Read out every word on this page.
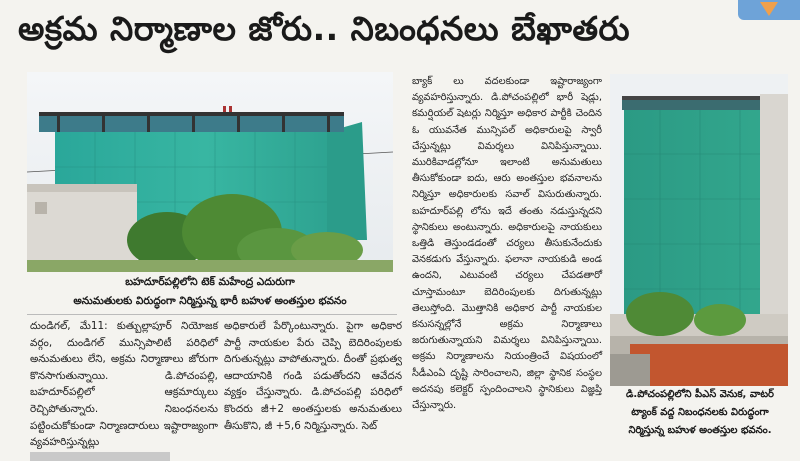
అక్రమ నిర్మాణాల జోరు.. నిబంధనలు బేఖాతరు
బహదూర్‌పల్లిలోని టెక్ మహేంద్ర ఎదురుగా
అనుమతులకు విరుద్ధంగా నిర్మిస్తున్న భారీ బహుళ అంతస్తుల భవనం

దుండిగల్, మే11: కుత్బుల్లాపూర్ నియోజక వర్గం, దుండిగల్ మున్సిపాలిటీ పరిధిలో అనుమతులు లేని, అక్రమ నిర్మాణాలు జోరుగా కొనసాగుతున్నాయి. డి.పోచంపల్లి, బహదూర్‌పల్లిలో ఆక్రమార్కులు రెచ్చిపోతున్నారు. నిబంధనలను పట్టించుకోకుండా నిర్మాణదారులు ఇష్టారాజ్యంగా వ్యవహరిస్తున్నట్లు

అధికారులే పేర్కొంటున్నారు. పైగా అధికార పార్టీ నాయకుల పేరు చెప్పి బెదిరింపులకు దిగుతున్నట్లు వాపోతున్నారు. దీంతో ప్రభుత్వ ఆదాయానికి గండి పడుతోందని ఆవేదన వ్యక్తం చేస్తున్నారు. డి.పోచంపల్లి పరిధిలో కొందరు జీ+2 అంతస్తులకు అనుమతులు తీసుకొని, జీ +5,6 నిర్మిస్తున్నారు. సెట్

బ్యాక్ లు వదలకుండా ఇష్టారాజ్యంగా వ్యవహరిస్తున్నారు. డి.పోచంపల్లిలో భారీ షెడ్లు, కమర్షియల్ షెటర్లు నిర్మిస్తూ అధికార పార్టీకి చెందిన ఓ యువనేత మున్సిపల్ అధికారులపై స్వారీ చేస్తున్నట్లు విమర్శలు వినిపిస్తున్నాయి. మురికివాడల్లోనూ ఇలాంటి అనుమతులు తీసుకోకుండా ఐదు, ఆరు అంతస్తుల భవనాలను నిర్మిస్తూ అధికారులకు సవాల్ విసురుతున్నారు. బహదూర్‌పల్లి లోను ఇదే తంతు నడుస్తున్నదని స్థానికులు అంటున్నారు. అధికారులపై నాయకులు ఒత్తిడి తెస్తుండడంతో చర్యలు తీసుకునేందుకు వెనకడుగు వేస్తున్నారు. ఫలానా నాయకుడి అండ ఉందని, ఎటువంటి చర్యలు చేపడతారో చూస్తామంటూ బెదిరింపులకు దిగుతున్నట్లు తెలుస్తోంది. మొత్తానికి అధికార పార్టీ నాయకుల కనుసన్నల్లోనే అక్రమ నిర్మాణాలు జరుగుతున్నాయని విమర్శలు వినిపిస్తున్నాయి. అక్రమ నిర్మాణాలను నియంత్రించే విషయంలో సీడీఎంఏ దృష్టి సారించాలని, జిల్లా స్థానిక సంస్థల అదనపు కలెక్టర్ స్పందించాలని స్థానికులు విజ్ఞప్తి చేస్తున్నారు.

డి.పోచంపల్లిలోని పీఎస్ వెనుక, వాటర్
ట్యాంక్ వద్ద నిబంధనలకు విరుద్ధంగా
నిర్మిస్తున్న బహుళ అంతస్తుల భవనం.
